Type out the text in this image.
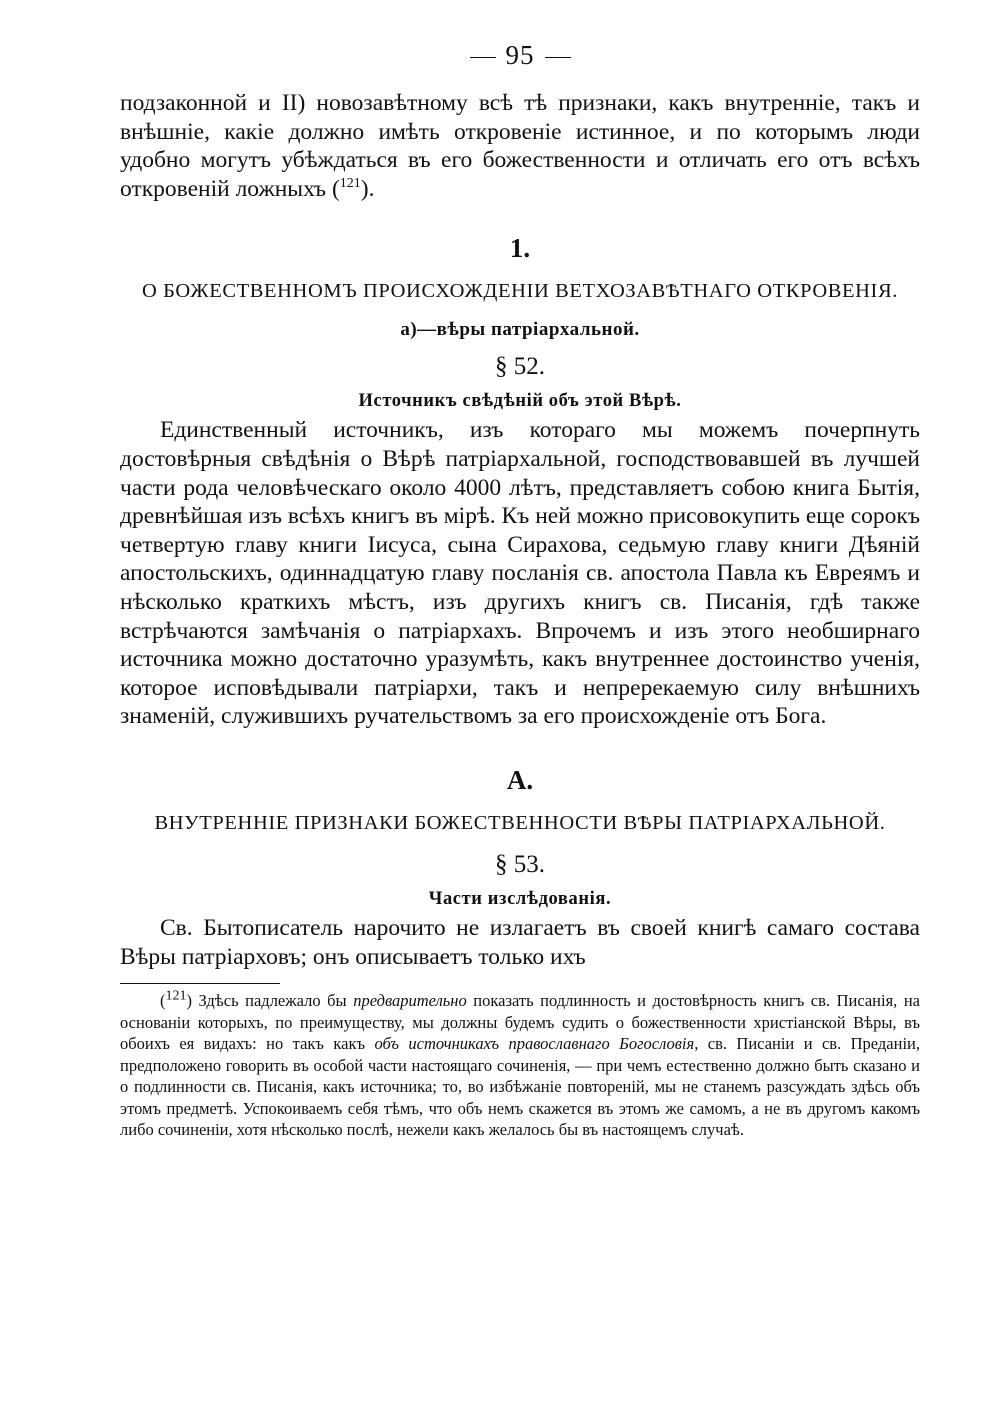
95

подзаконной и II) новозавѣтному всѣ тѣ признаки, какъ внутренніе, такъ и внѣшніе, какіе должно имѣть откровеніе истинное, и по которымъ люди удобно могутъ убѣждаться въ его божественности и отличать его отъ всѣхъ откровеній ложныхъ ($^{121}$).

1.
О БОЖЕСТВЕННОМЪ ПРОИСХОЖДЕНІИ ВЕТХОЗАВѢТНАГО ОТКРОВЕНІЯ.
а)—вѣры патріархальной.
§ 52.
Источникъ свѣдѣній объ этой Вѣрѣ.

Единственный источникъ, изъ котораго мы можемъ почерпнуть достовѣрныя свѣдѣнія о Вѣрѣ патріархальной, господствовавшей въ лучшей части рода человѣческаго около 4000 лѣтъ, представляетъ собою книга Бытія, древнѣйшая изъ всѣхъ книгъ въ мірѣ. Къ ней можно присовокупить еще сорокъ четвертую главу книги Іисуса, сына Сирахова, седьмую главу книги Дѣяній апостольскихъ, одиннадцатую главу посланія св. апостола Павла къ Евреямъ и нѣсколько краткихъ мѣстъ, изъ другихъ книгъ св. Писанія, гдѣ также встрѣчаются замѣчанія о патріархахъ. Впрочемъ и изъ этого необширнаго источника можно достаточно уразумѣть, какъ внутреннее достоинство ученія, которое исповѣдывали патріархи, такъ и непререкаемую силу внѣшнихъ знаменій, служившихъ ручательствомъ за его происхожденіе отъ Бога.

А.
ВНУТРЕННІЕ ПРИЗНАКИ БОЖЕСТВЕННОСТИ ВѢРЫ ПАТРІАРХАЛЬНОЙ.
§ 53.
Части изслѣдованія.

Св. Бытописатель нарочито не излагаетъ въ своей книгѣ самаго состава Вѣры патріарховъ; онъ описываетъ только ихъ

($^{121}$) Здѣсь падлежало бы предварительно показать подлинность и достовѣрность книгъ св. Писанія, на основаніи которыхъ, по преимуществу, мы должны будемъ судить о божественности христіанской Вѣры, въ обоихъ ея видахъ: но такъ какъ объ источникахъ православнаго Богословія, св. Писаніи и св. Преданіи, предположено говорить въ особой части настоящаго сочиненія, — при чемъ естественно должно быть сказано и о подлинности св. Писанія, какъ источника; то, во избѣжаніе повтореній, мы не станемъ разсуждать здѣсь объ этомъ предметѣ. Успокоиваемъ себя тѣмъ, что объ немъ скажется въ этомъ же самомъ, а не въ другомъ какомъ либо сочиненіи, хотя нѣсколько послѣ, нежели какъ желалось бы въ настоящемъ случаѣ.
